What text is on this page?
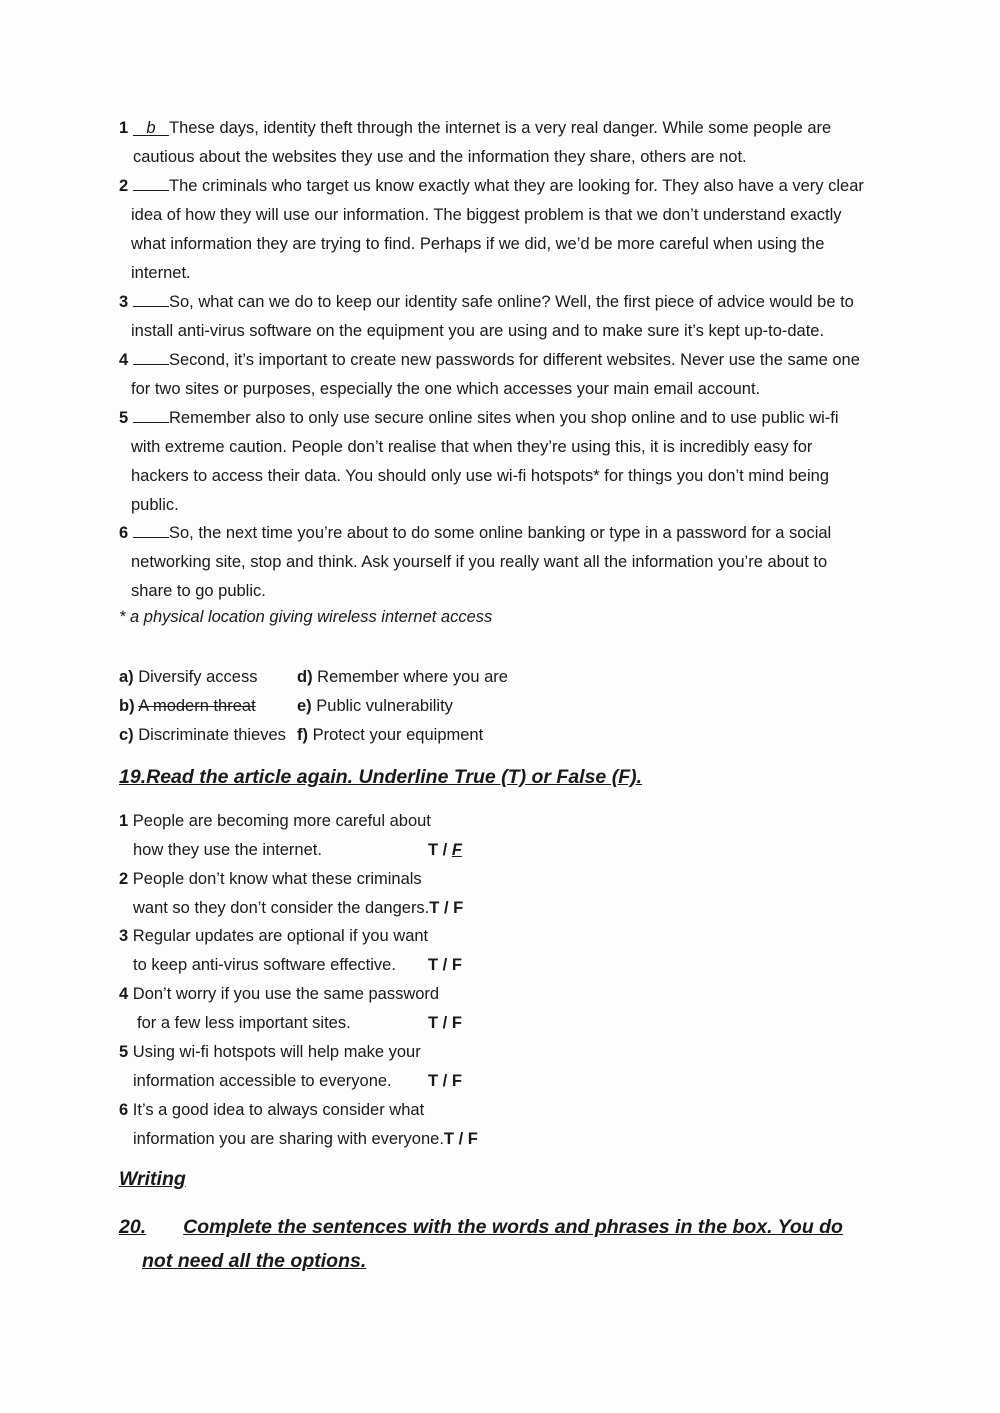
1 b These days, identity theft through the internet is a very real danger. While some people are
cautious about the websites they use and the information they share, others are not.
2 The criminals who target us know exactly what they are looking for. They also have a very clear
idea of how they will use our information. The biggest problem is that we don’t understand exactly
what information they are trying to find. Perhaps if we did, we’d be more careful when using the
internet.
3 So, what can we do to keep our identity safe online? Well, the first piece of advice would be to
install anti-virus software on the equipment you are using and to make sure it’s kept up-to-date.
4 Second, it’s important to create new passwords for different websites. Never use the same one
for two sites or purposes, especially the one which accesses your main email account.
5 Remember also to only use secure online sites when you shop online and to use public wi-fi
with extreme caution. People don’t realise that when they’re using this, it is incredibly easy for
hackers to access their data. You should only use wi-fi hotspots* for things you don’t mind being
public.
6 So, the next time you’re about to do some online banking or type in a password for a social
networking site, stop and think. Ask yourself if you really want all the information you’re about to
share to go public.
* a physical location giving wireless internet access
a) Diversify access
b) A modern threat
c) Discriminate thieves
d) Remember where you are
e) Public vulnerability
f) Protect your equipment
19.Read the article again. Underline True (T) or False (F).
1 People are becoming more careful about
how they use the internet.	T / F
2 People don’t know what these criminals
want so they don’t consider the dangers.T / F
3 Regular updates are optional if you want
to keep anti-virus software effective. T / F
4 Don’t worry if you use the same password
for a few less important sites.	T / F
5 Using wi-fi hotspots will help make your
information accessible to everyone. T / F
6 It’s a good idea to always consider what
information you are sharing with everyone.T / F
Writing
20. Complete the sentences with the words and phrases in the box. You do
not need all the options.
